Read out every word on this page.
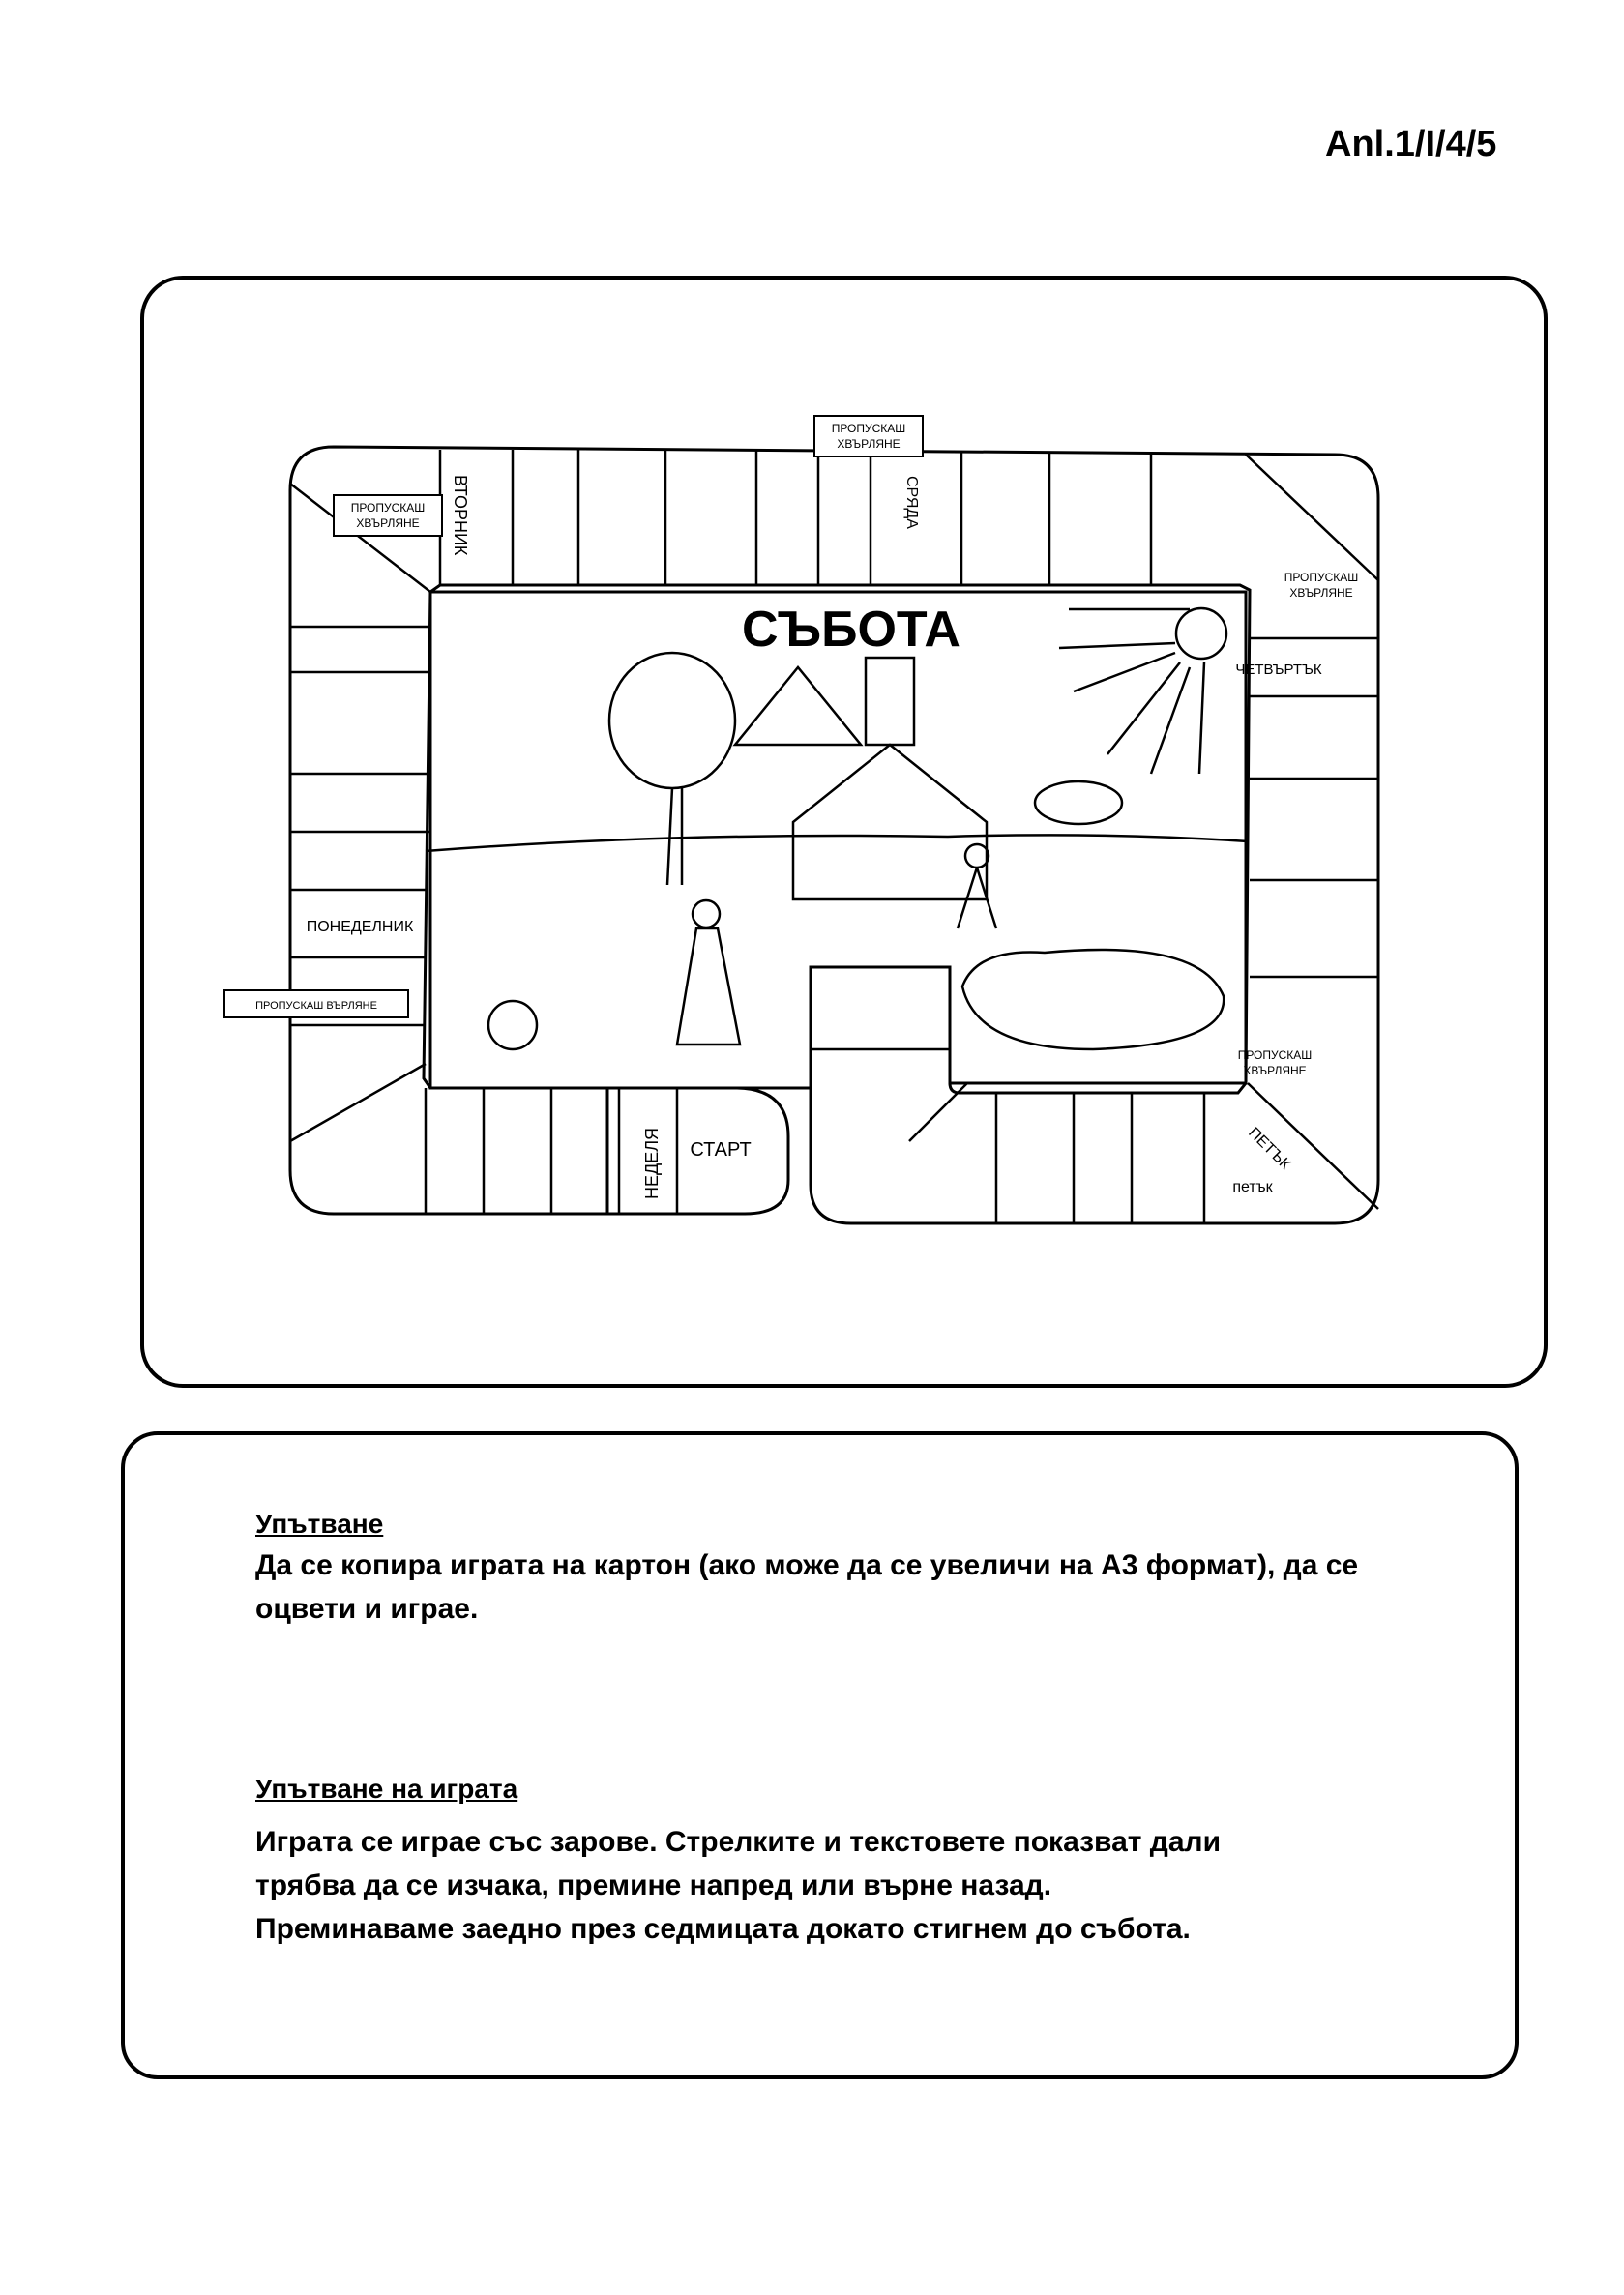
Anl.1/I/4/5
СЪБОТА
ПОНЕДЕЛНИК
ЧЕТВЪРТЪК
петък
СТАРТ	ПЕТЪК
ВТОРНИК	СРЯДА
НЕДЕЛЯ
ПРОПУСКАШ
ХВЪРЛЯНЕ
ПРОПУСКАШ
ХВЪРЛЯНЕ
ПРОПУСКАШ
ХВЪРЛЯНЕ
ПРОПУСКАШ
ХВЪРЛЯНЕ
ПРОПУСКАШ ВЪРЛЯНЕ
Упътване
Да се копира играта на картон (ако може да се увеличи на А3 формат), да се оцвети и играе.
Упътване на играта
Играта се играе със зарове. Стрелките и текстовете показват дали трябва да се изчака, премине напред или върне назад. Преминаваме заедно през седмицата докато стигнем до събота.
